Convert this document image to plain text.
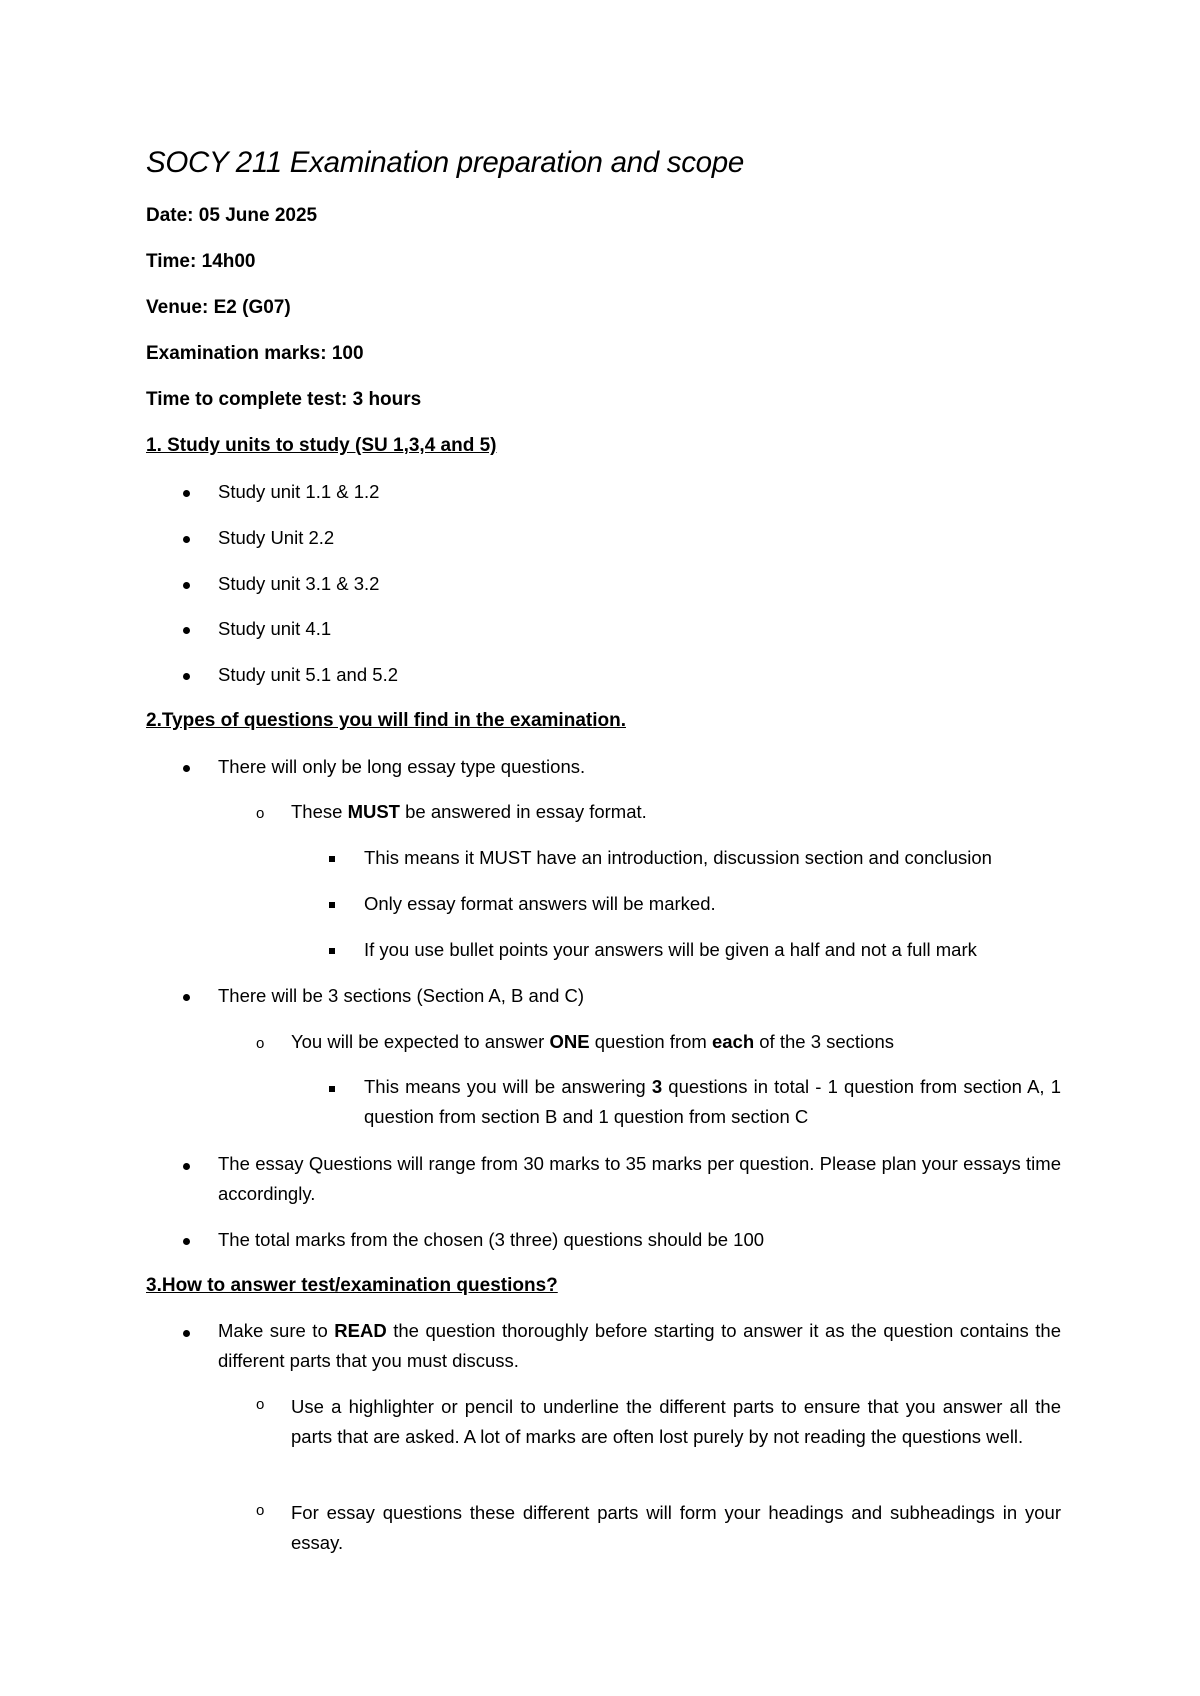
SOCY 211 Examination preparation and scope
Date: 05 June 2025
Time: 14h00
Venue: E2 (G07)
Examination marks: 100
Time to complete test: 3 hours
1. Study units to study (SU 1,3,4 and 5)
Study unit 1.1 & 1.2
Study Unit 2.2
Study unit 3.1 & 3.2
Study unit 4.1
Study unit 5.1 and 5.2
2.Types of questions you will find in the examination.
There will only be long essay type questions.
o These MUST be answered in essay format.
This means it MUST have an introduction, discussion section and conclusion
Only essay format answers will be marked.
If you use bullet points your answers will be given a half and not a full mark
There will be 3 sections (Section A, B and C)
o You will be expected to answer ONE question from each of the 3 sections
This means you will be answering 3 questions in total - 1 question from section A, 1 question from section B and 1 question from section C
The essay Questions will range from 30 marks to 35 marks per question. Please plan your essays time accordingly.
The total marks from the chosen (3 three) questions should be 100
3.How to answer test/examination questions?
Make sure to READ the question thoroughly before starting to answer it as the question contains the different parts that you must discuss.
o Use a highlighter or pencil to underline the different parts to ensure that you answer all the parts that are asked. A lot of marks are often lost purely by not reading the questions well.
o For essay questions these different parts will form your headings and subheadings in your essay.
